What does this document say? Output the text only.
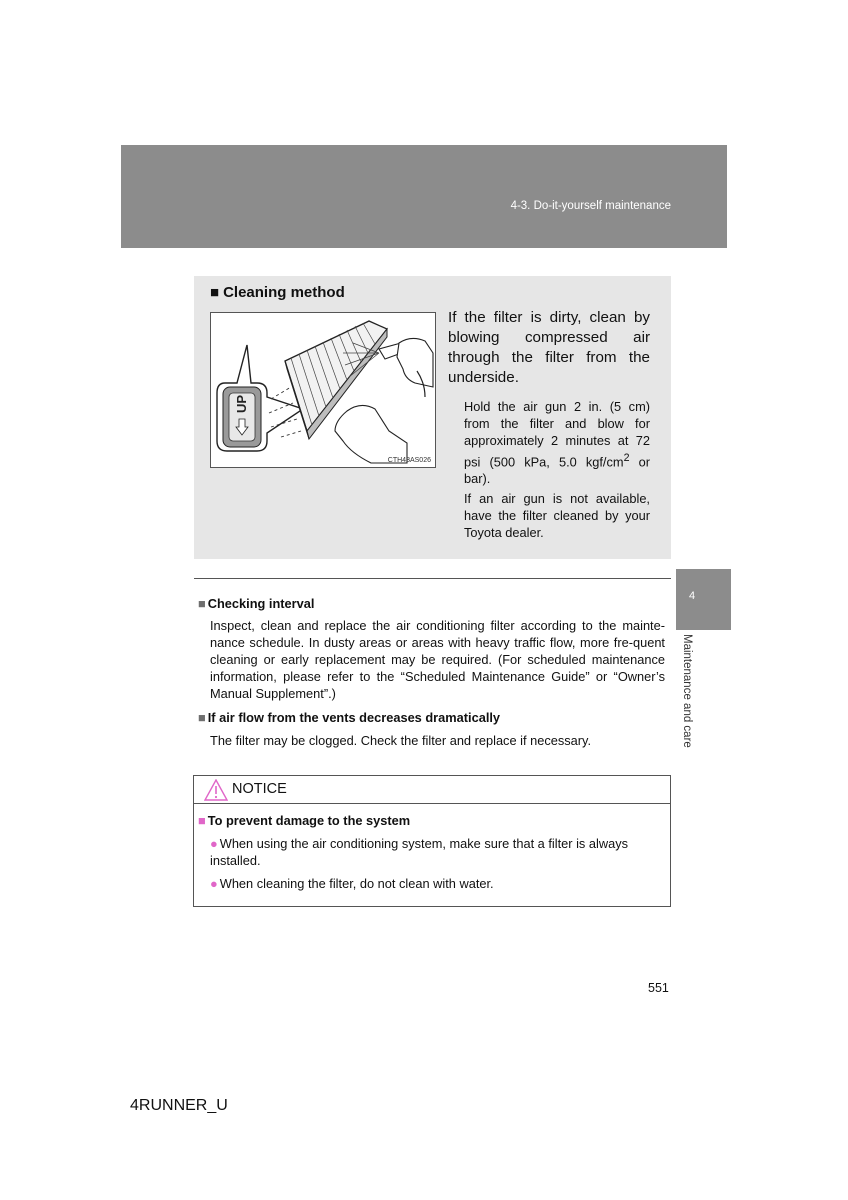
4-3. Do-it-yourself maintenance
4
Maintenance and care
■ Cleaning method
UP
CTH43AS026
If the filter is dirty, clean by blowing compressed air through the filter from the underside.
Hold the air gun 2 in. (5 cm) from the filter and blow for approximately 2 minutes at 72 psi (500 kPa, 5.0 kgf/$cm^2$ or bar).
If an air gun is not available, have the filter cleaned by your Toyota dealer.
■ Checking interval
Inspect, clean and replace the air conditioning filter according to the mainte-nance schedule. In dusty areas or areas with heavy traffic flow, more fre-quent cleaning or early replacement may be required. (For scheduled maintenance information, please refer to the “Scheduled Maintenance Guide” or “Owner’s Manual Supplement”.)
■ If air flow from the vents decreases dramatically
The filter may be clogged. Check the filter and replace if necessary.
NOTICE
■ To prevent damage to the system
● When using the air conditioning system, make sure that a filter is always installed.
● When cleaning the filter, do not clean with water.
551
4RUNNER_U
